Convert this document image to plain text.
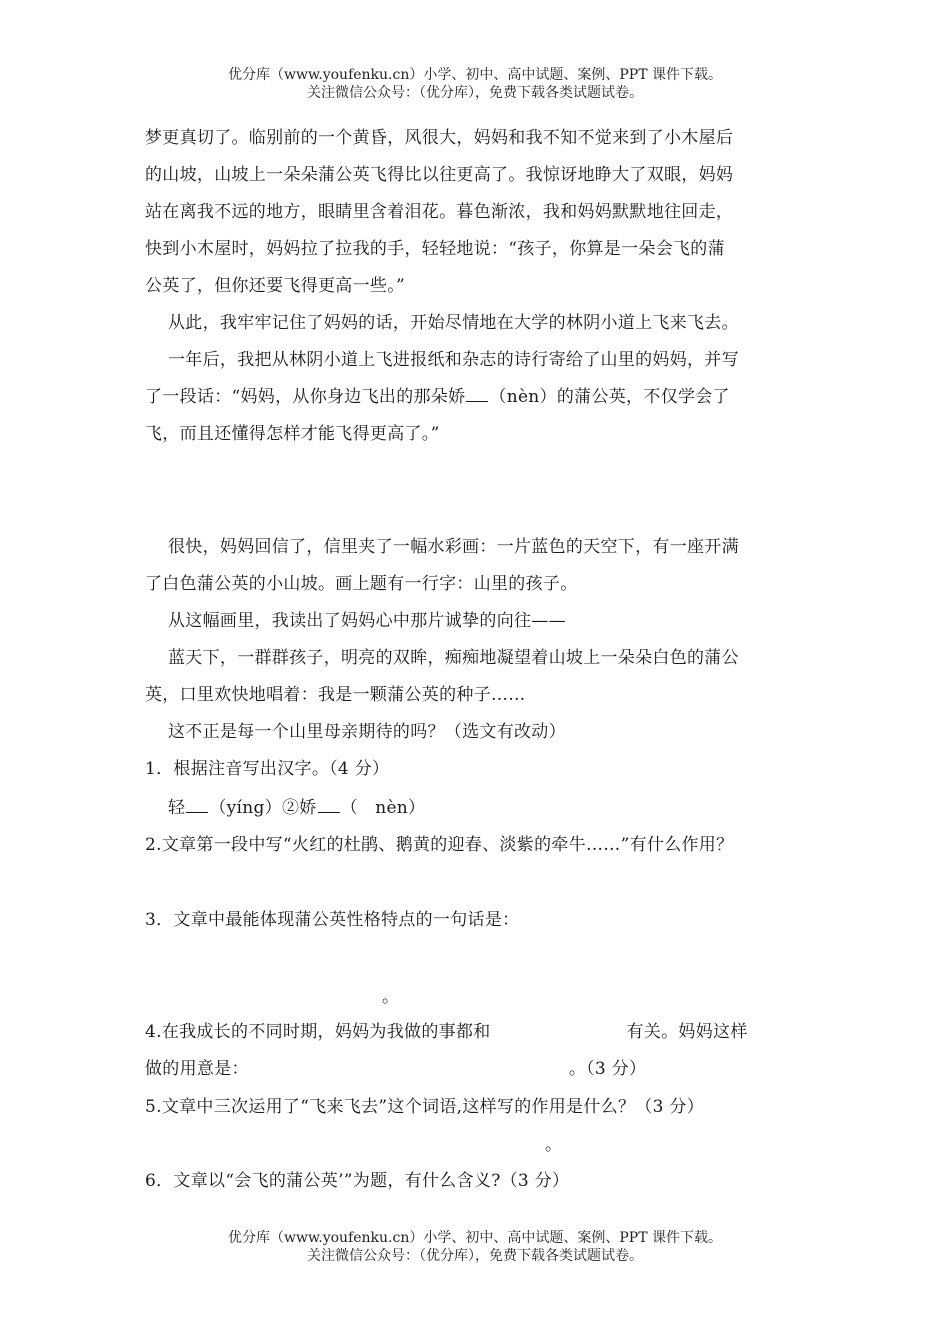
优分库（www.youfenku.cn）小学、初中、高中试题、案例、PPT 课件下载。
关注微信公众号：（优分库），免费下载各类试题试卷。
梦更真切了。临别前的一个黄昏，风很大，妈妈和我不知不觉来到了小木屋后
的山坡，山坡上一朵朵蒲公英飞得比以往更高了。我惊讶地睁大了双眼，妈妈
站在离我不远的地方，眼睛里含着泪花。暮色渐浓，我和妈妈默默地往回走，
快到小木屋时，妈妈拉了拉我的手，轻轻地说：“孩子，你算是一朵会飞的蒲
公英了，但你还要飞得更高一些。”
从此，我牢牢记住了妈妈的话，开始尽情地在大学的林阴小道上飞来飞去。
一年后，我把从林阴小道上飞进报纸和杂志的诗行寄给了山里的妈妈，并写
了一段话：“妈妈，从你身边飞出的那朵娇 （nèn）的蒲公英，不仅学会了
飞，而且还懂得怎样才能飞得更高了。”
很快，妈妈回信了，信里夹了一幅水彩画：一片蓝色的天空下，有一座开满
了白色蒲公英的小山坡。画上题有一行字：山里的孩子。
从这幅画里，我读出了妈妈心中那片诚挚的向往——
蓝天下，一群群孩子，明亮的双眸，痴痴地凝望着山坡上一朵朵白色的蒲公
英，口里欢快地唱着：我是一颗蒲公英的种子……
这不正是每一个山里母亲期待的吗？（选文有改动）
1．根据注音写出汉字。（4 分）
轻 （yíng）②娇 （　nèn）
2.文章第一段中写“火红的杜鹃、鹅黄的迎春、淡紫的牵牛……”有什么作用？
3．文章中最能体现蒲公英性格特点的一句话是：
。
4.在我成长的不同时期，妈妈为我做的事都和	有关。妈妈这样
做的用意是：	。（3 分）
5.文章中三次运用了“飞来飞去”这个词语,这样写的作用是什么？（3 分）
。
6．文章以“会飞的蒲公英’”为题，有什么含义?（3 分）
优分库（www.youfenku.cn）小学、初中、高中试题、案例、PPT 课件下载。
关注微信公众号：（优分库），免费下载各类试题试卷。
